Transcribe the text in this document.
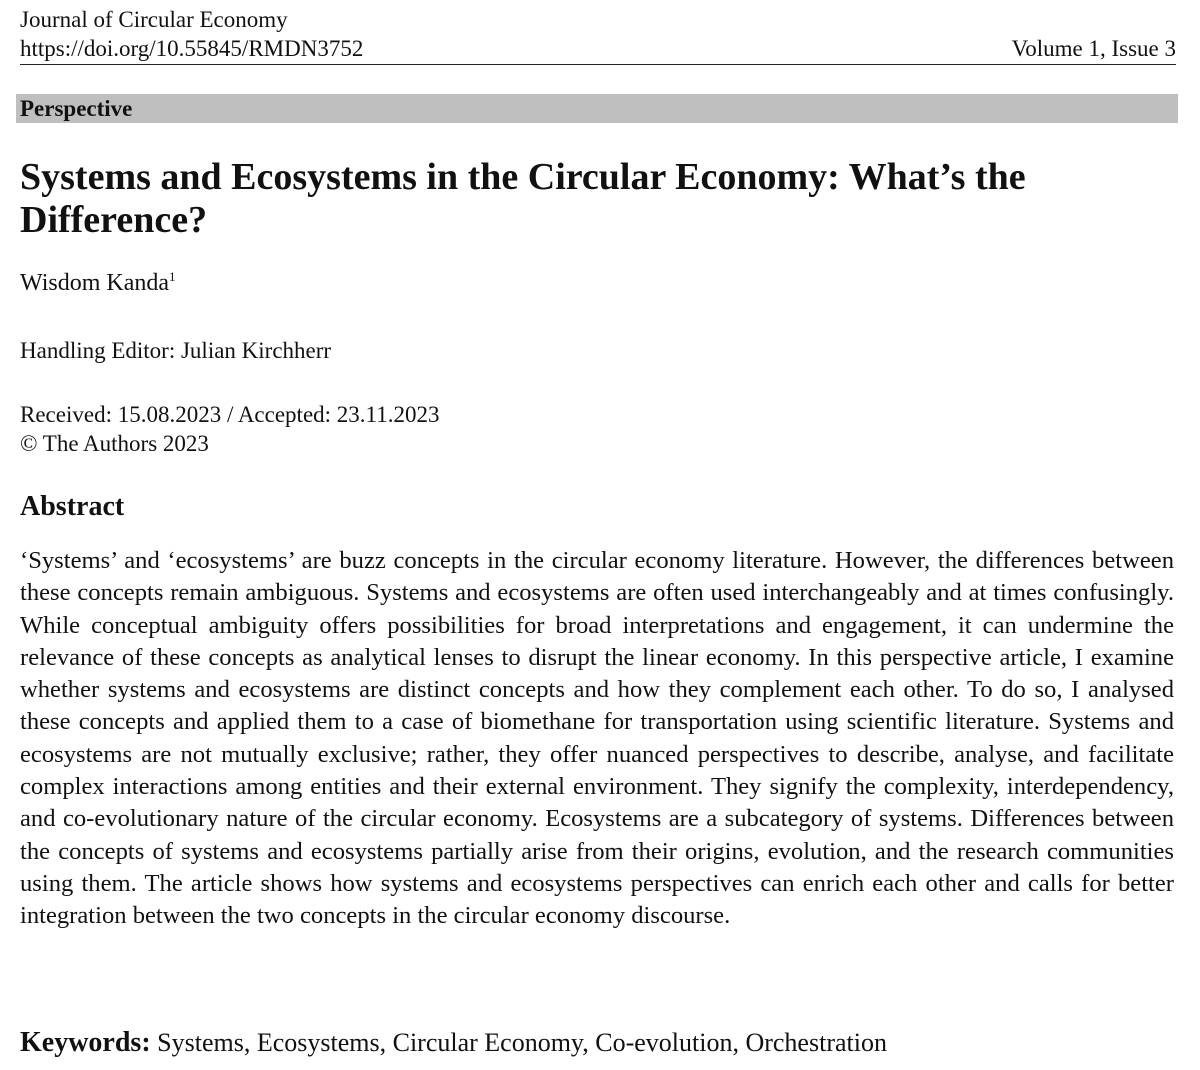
Journal of Circular Economy
https://doi.org/10.55845/RMDN3752	Volume 1, Issue 3
Perspective
Systems and Ecosystems in the Circular Economy: What’s the Difference?
Wisdom Kanda$^1$
Handling Editor: Julian Kirchherr
Received: 15.08.2023 / Accepted: 23.11.2023
© The Authors 2023
Abstract

‘Systems’ and ‘ecosystems’ are buzz concepts in the circular economy literature. However, the differences between these concepts remain ambiguous. Systems and ecosystems are often used interchangeably and at times confusingly. While conceptual ambiguity offers possibilities for broad interpretations and engagement, it can undermine the relevance of these concepts as analytical lenses to disrupt the linear economy. In this perspective article, I examine whether systems and ecosystems are distinct concepts and how they complement each other. To do so, I analysed these concepts and applied them to a case of biomethane for transportation using scientific literature. Systems and ecosystems are not mutually exclusive; rather, they offer nuanced perspectives to describe, analyse, and facilitate complex interactions among entities and their external environment. They signify the complexity, interdependency, and co-evolutionary nature of the circular economy. Ecosystems are a subcategory of systems. Differences between the concepts of systems and ecosystems partially arise from their origins, evolution, and the research communities using them. The article shows how systems and ecosystems perspectives can enrich each other and calls for better integration between the two concepts in the circular economy discourse.

Keywords: Systems, Ecosystems, Circular Economy, Co-evolution, Orchestration
